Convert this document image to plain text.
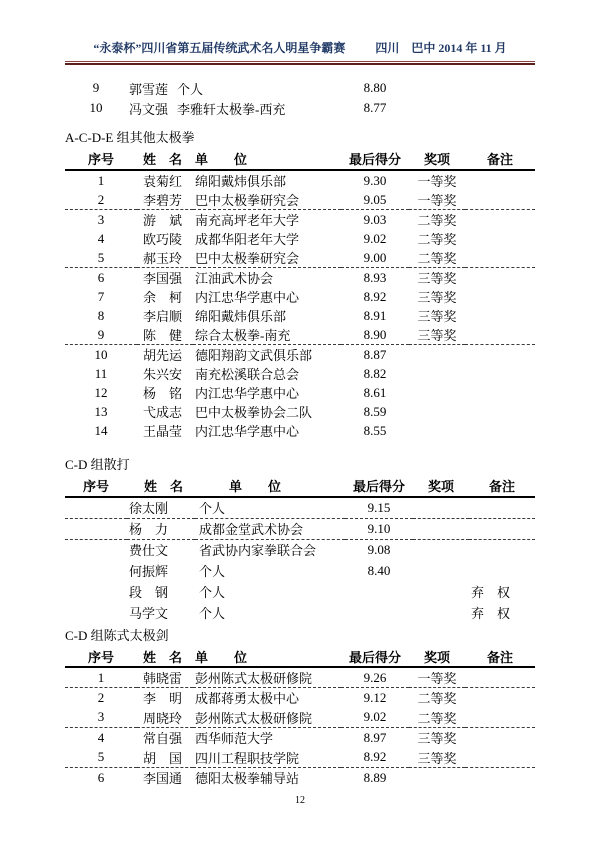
“永泰杯”四川省第五届传统武术名人明星争霸赛	四川　巴中 2014 年 11 月
9	郭雪莲	个人	8.80		
10	冯文强	李雅轩太极拳-西充	8.77		
A-C-D-E 组其他太极拳
序号	姓　名	单　　位	最后得分	奖项	备注
1	袁菊红	绵阳戴炜俱乐部	9.30	一等奖	
2	李碧芳	巴中太极拳研究会	9.05	一等奖	
3	游　斌	南充高坪老年大学	9.03	二等奖	
4	欧巧陵	成都华阳老年大学	9.02	二等奖	
5	郝玉玲	巴中太极拳研究会	9.00	二等奖	
6	李国强	江油武术协会	8.93	三等奖	
7	余　柯	内江忠华学惠中心	8.92	三等奖	
8	李启顺	绵阳戴炜俱乐部	8.91	三等奖	
9	陈　健	综合太极拳-南充	8.90	三等奖	
10	胡先运	德阳翔韵文武俱乐部	8.87		
11	朱兴安	南充松溪联合总会	8.82		
12	杨　铭	内江忠华学惠中心	8.61		
13	弋成志	巴中太极拳协会二队	8.59		
14	王晶莹	内江忠华学惠中心	8.55		
C-D 组散打
序号	姓　名	单　　位	最后得分	奖项	备注
	徐太刚	个人	9.15		
	杨　力	成都金堂武术协会	9.10		
	费仕文	省武协内家拳联合会	9.08		
	何振辉	个人	8.40		
	段　钢	个人			弃　权
	马学文	个人			弃　权
C-D 组陈式太极剑
序号	姓　名	单　　位	最后得分	奖项	备注
1	韩晓雷	彭州陈式太极研修院	9.26	一等奖	
2	李　明	成都蒋勇太极中心	9.12	二等奖	
3	周晓玲	彭州陈式太极研修院	9.02	二等奖	
4	常自强	西华师范大学	8.97	三等奖	
5	胡　国	四川工程职技学院	8.92	三等奖	
6	李国通	德阳太极拳辅导站	8.89		
12
